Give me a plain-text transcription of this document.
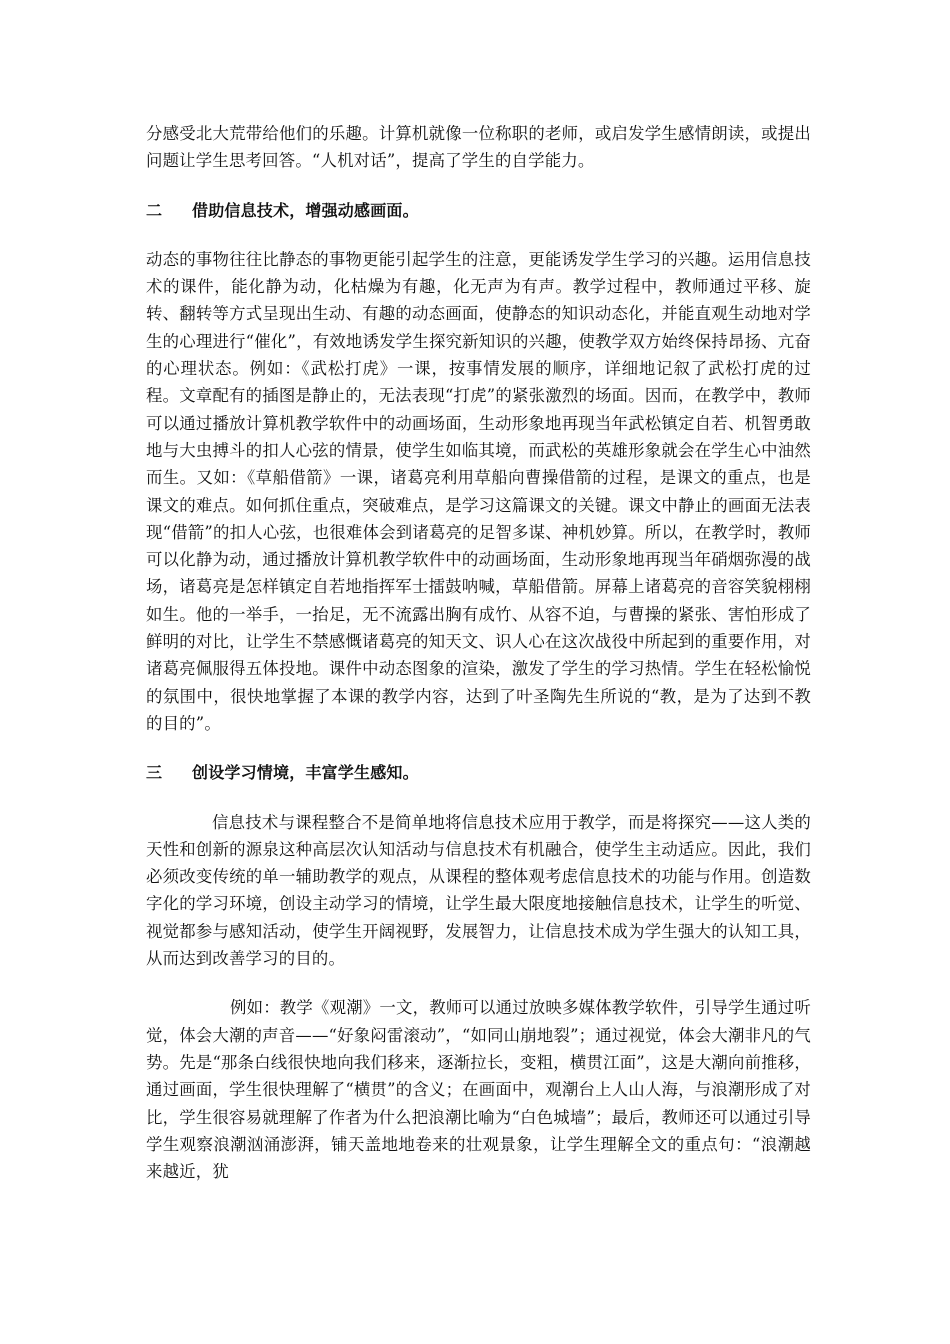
分感受北大荒带给他们的乐趣。计算机就像一位称职的老师，或启发学生感情朗读，或提出问题让学生思考回答。“人机对话”，提高了学生的自学能力。

二 借助信息技术，增强动感画面。

动态的事物往往比静态的事物更能引起学生的注意，更能诱发学生学习的兴趣。运用信息技术的课件，能化静为动，化枯燥为有趣，化无声为有声。教学过程中，教师通过平移、旋转、翻转等方式呈现出生动、有趣的动态画面，使静态的知识动态化，并能直观生动地对学生的心理进行“催化”，有效地诱发学生探究新知识的兴趣，使教学双方始终保持昂扬、亢奋的心理状态。例如：《武松打虎》一课，按事情发展的顺序，详细地记叙了武松打虎的过程。文章配有的插图是静止的，无法表现“打虎”的紧张激烈的场面。因而，在教学中，教师可以通过播放计算机教学软件中的动画场面，生动形象地再现当年武松镇定自若、机智勇敢地与大虫搏斗的扣人心弦的情景，使学生如临其境，而武松的英雄形象就会在学生心中油然而生。又如：《草船借箭》一课，诸葛亮利用草船向曹操借箭的过程，是课文的重点，也是课文的难点。如何抓住重点，突破难点，是学习这篇课文的关键。课文中静止的画面无法表现“借箭”的扣人心弦，也很难体会到诸葛亮的足智多谋、神机妙算。所以，在教学时，教师可以化静为动，通过播放计算机教学软件中的动画场面，生动形象地再现当年硝烟弥漫的战场，诸葛亮是怎样镇定自若地指挥军士擂鼓呐喊，草船借箭。屏幕上诸葛亮的音容笑貌栩栩如生。他的一举手，一抬足，无不流露出胸有成竹、从容不迫，与曹操的紧张、害怕形成了鲜明的对比，让学生不禁感慨诸葛亮的知天文、识人心在这次战役中所起到的重要作用，对诸葛亮佩服得五体投地。课件中动态图象的渲染，激发了学生的学习热情。学生在轻松愉悦的氛围中，很快地掌握了本课的教学内容，达到了叶圣陶先生所说的“教，是为了达到不教的目的”。

三 创设学习情境，丰富学生感知。

信息技术与课程整合不是简单地将信息技术应用于教学，而是将探究——这人类的天性和创新的源泉这种高层次认知活动与信息技术有机融合，使学生主动适应。因此，我们必须改变传统的单一辅助教学的观点，从课程的整体观考虑信息技术的功能与作用。创造数字化的学习环境，创设主动学习的情境，让学生最大限度地接触信息技术，让学生的听觉、视觉都参与感知活动，使学生开阔视野，发展智力，让信息技术成为学生强大的认知工具，从而达到改善学习的目的。

例如：教学《观潮》一文，教师可以通过放映多媒体教学软件，引导学生通过听觉，体会大潮的声音——“好象闷雷滚动”，“如同山崩地裂”；通过视觉，体会大潮非凡的气势。先是“那条白线很快地向我们移来，逐渐拉长，变粗，横贯江面”，这是大潮向前推移，通过画面，学生很快理解了“横贯”的含义；在画面中，观潮台上人山人海，与浪潮形成了对比，学生很容易就理解了作者为什么把浪潮比喻为“白色城墙”；最后，教师还可以通过引导学生观察浪潮汹涌澎湃，铺天盖地地卷来的壮观景象，让学生理解全文的重点句：“浪潮越来越近，犹
